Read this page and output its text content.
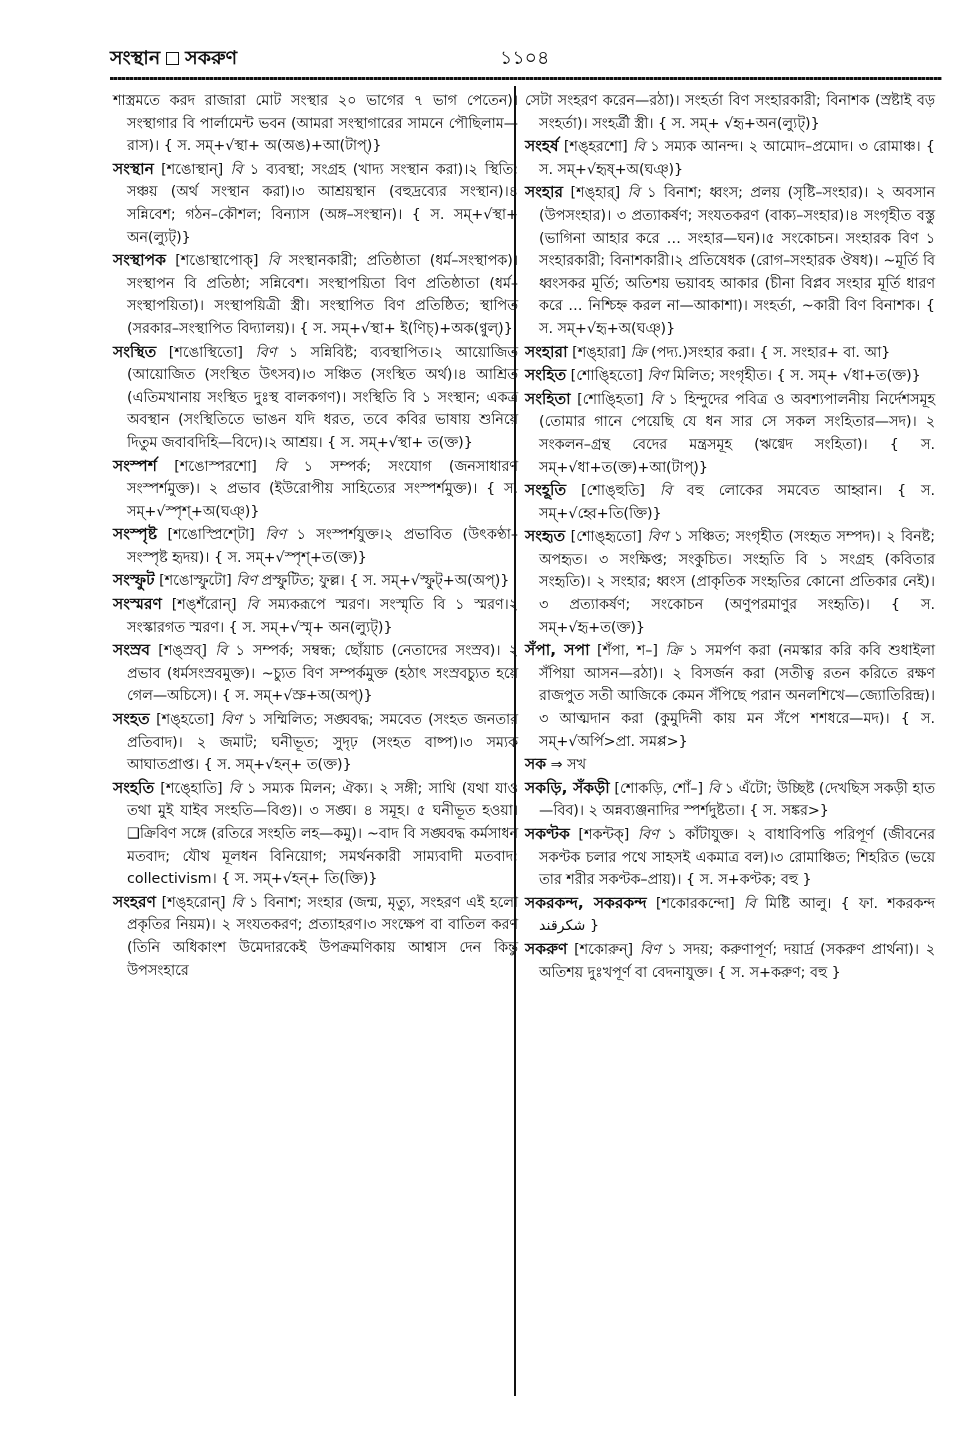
সংস্থান সকরুণ	১১০৪

শাস্ত্রমতে করদ রাজারা মোট সংস্থার ২০ ভাগের ৭ ভাগ পেতেন)। সংস্থাগার বি পার্লামেন্ট ভবন (আমরা সংস্থাগারের সামনে পৌছিলাম—রাস)। { স. সম্+√স্থা+ অ(অঙ)+আ(টাপ্)}

সংস্থান [শঙোস্থান্] বি ১ ব্যবস্থা; সংগ্রহ (খাদ্য সংস্থান করা)।২ স্থিতি; সঞ্চয় (অর্থ সংস্থান করা)।৩ আশ্রয়স্থান (বহুদ্রব্যের সংস্থান)।৪ সন্নিবেশ; গঠন–কৌশল; বিন্যাস (অঙ্গ–সংস্থান)। { স. সম্+√স্থা+ অন(ল্যুট্)}

সংস্থাপক [শঙোস্থাপোক্] বি সংস্থানকারী; প্রতিষ্ঠাতা (ধর্ম–সংস্থাপক)। সংস্থাপন বি প্রতিষ্ঠা; সন্নিবেশ। সংস্থাপয়িতা বিণ প্রতিষ্ঠাতা (ধর্ম–সংস্থাপয়িতা)। সংস্থাপয়িত্রী স্ত্রী। সংস্থাপিত বিণ প্রতিষ্ঠিত; স্থাপিত (সরকার–সংস্থাপিত বিদ্যালয়)। { স. সম্+√স্থা+ ই(ণিচ্)+অক(ণ্বুল্)}

সংস্থিত [শঙোস্থিতো] বিণ ১ সন্নিবিষ্ট; ব্যবস্থাপিত।২ আয়োজিত (আয়োজিত (সংস্থিত উৎসব)।৩ সঞ্চিত (সংস্থিত অর্থ)।৪ আশ্রিত (এতিমখানায় সংস্থিত দুঃস্থ বালকগণ)। সংস্থিতি বি ১ সংস্থান; একত্র অবস্থান (সংস্থিতিতে ভাঙন যদি ধরত, তবে কবির ভাষায় শুনিয়ে দিতুম জবাবদিহি—বিদে)।২ আশ্রয়। { স. সম্+√স্থা+ ত(ক্ত)}

সংস্পর্শ [শঙোস্পরশো] বি ১ সম্পর্ক; সংযোগ (জনসাধারণ সংস্পর্শমুক্ত)। ২ প্রভাব (ইউরোপীয় সাহিত্যের সংস্পর্শমুক্ত)। { স. সম্+√স্পৃশ্+অ(ঘঞ্)}

সংস্পৃষ্ট [শঙোস্প্রিশ্টো] বিণ ১ সংস্পর্শযুক্ত।২ প্রভাবিত (উৎকণ্ঠা–সংস্পৃষ্ট হৃদয়)। { স. সম্+√স্পৃশ্+ত(ক্ত)}

সংস্ফুট [শঙোস্ফুটো] বিণ প্রস্ফুটিত; ফুল্ল। { স. সম্+√স্ফুট্+অ(অপ্)}

সংস্মরণ [শঙ্শঁরোন্] বি সম্যকরূপে স্মরণ। সংস্মৃতি বি ১ স্মরণ।২ সংস্কারগত স্মরণ। { স. সম্+√স্মৃ+ অন(ল্যুট্)}

সংস্রব [শঙ্স্রব্] বি ১ সম্পর্ক; সম্বন্ধ; ছোঁয়াচ (নেতাদের সংস্রব)। ২ প্রভাব (ধর্মসংস্রবমুক্ত)। ~চ্যুত বিণ সম্পর্কমুক্ত (হঠাৎ সংস্রবচ্যুত হয়ে গেল—অচিসে)। { স. সম্+√স্রু+অ(অপ্)}

সংহত [শঙ্হতো] বিণ ১ সম্মিলিত; সঙ্ঘবদ্ধ; সমবেত (সংহত জনতার প্রতিবাদ)। ২ জমাট; ঘনীভূত; সুদৃঢ় (সংহত বাষ্প)।৩ সম্যক আঘাতপ্রাপ্ত। { স. সম্+√হন্+ ত(ক্ত)}

সংহতি [শঙ্হোতি] বি ১ সম্যক মিলন; ঐক্য। ২ সঙ্গী; সাথি (যথা যাও তথা মুই যাইব সংহতি—বিগু)। ৩ সঙ্ঘ। ৪ সমূহ। ৫ ঘনীভূত হওয়া। ❑ক্রিবিণ সঙ্গে (রতিরে সংহতি লহ—কমু)। ~বাদ বি সঙ্ঘবদ্ধ কর্মসাধন মতবাদ; যৌথ মূলধন বিনিয়োগ; সমর্থনকারী সাম্যবাদী মতবাদ; collectivism। { স. সম্+√হন্+ তি(ক্তি)}

সংহরণ [শঙ্হরোন্] বি ১ বিনাশ; সংহার (জন্ম, মৃত্যু, সংহরণ এই হলো প্রকৃতির নিয়ম)। ২ সংযতকরণ; প্রত্যাহরণ।৩ সংক্ষেপ বা বাতিল করণ (তিনি অধিকাংশ উমেদারকেই উপক্রমণিকায় আশ্বাস দেন কিন্তু উপসংহারে

সেটা সংহরণ করেন—রঠা)। সংহর্তা বিণ সংহারকারী; বিনাশক (স্রষ্টাই বড় সংহর্তা)। সংহর্ত্রী স্ত্রী। { স. সম্+ √হৃ+অন(ল্যুট্)}

সংহর্ষ [শঙ্হরশো] বি ১ সম্যক আনন্দ। ২ আমোদ–প্রমোদ। ৩ রোমাঞ্চ। { স. সম্+√হৃষ্+অ(ঘঞ্)}

সংহার [শঙ্হার্] বি ১ বিনাশ; ধ্বংস; প্রলয় (সৃষ্টি–সংহার)। ২ অবসান (উপসংহার)। ৩ প্রত্যাকর্ষণ; সংযতকরণ (বাক্য–সংহার)।৪ সংগৃহীত বস্তু (ভাগিনা আহার করে … সংহার—ঘন)।৫ সংকোচন। সংহারক বিণ ১ সংহারকারী; বিনাশকারী।২ প্রতিষেধক (রোগ–সংহারক ঔষধ)। ~মূর্তি বি ধ্বংসকর মূর্তি; অতিশয় ভয়াবহ আকার (চীনা বিপ্লব সংহার মূর্তি ধারণ করে … নিশ্চিহ্ন করল না—আকাশা)। সংহর্তা, ~কারী বিণ বিনাশক। { স. সম্+√হৃ+অ(ঘঞ্)}

সংহারা [শঙ্হারা] ক্রি (পদ্য.)সংহার করা। { স. সংহার+ বা. আ}

সংহিত [শোঙ্হিতো] বিণ মিলিত; সংগৃহীত। { স. সম্+ √ধা+ত(ক্ত)}

সংহিতা [শোঙ্হিতা] বি ১ হিন্দুদের পবিত্র ও অবশ্যপালনীয় নির্দেশসমূহ (তোমার গানে পেয়েছি যে ধন সার সে সকল সংহিতার—সদ)। ২ সংকলন–গ্রন্থ বেদের মন্ত্রসমূহ (ঋগ্বেদ সংহিতা)। { স. সম্+√ধা+ত(ক্ত)+আ(টাপ্)}

সংহূতি [শোঙ্হুতি] বি বহু লোকের সমবেত আহ্বান। { স. সম্+√হ্বে+তি(ক্তি)}

সংহৃত [শোঙ্হৃতো] বিণ ১ সঞ্চিত; সংগৃহীত (সংহৃত সম্পদ)। ২ বিনষ্ট; অপহৃত। ৩ সংক্ষিপ্ত; সংকুচিত। সংহৃতি বি ১ সংগ্রহ (কবিতার সংহৃতি)। ২ সংহার; ধ্বংস (প্রাকৃতিক সংহৃতির কোনো প্রতিকার নেই)। ৩ প্রত্যাকর্ষণ; সংকোচন (অণুপরমাণুর সংহৃতি)। { স. সম্+√হৃ+ত(ক্ত)}

সঁপা, সপা [শঁপা, শ–] ক্রি ১ সমর্পণ করা (নমস্কার করি কবি শুধাইলা সঁপিয়া আসন—রঠা)। ২ বিসর্জন করা (সতীত্ব রতন করিতে রক্ষণ রাজপুত সতী আজিকে কেমন সঁপিছে পরান অনলশিখে—জ্যোতিরিন্দ্র)। ৩ আত্মদান করা (কুমুদিনী কায় মন সঁপে শশধরে—মদ)। { স. সম্+√অর্পি>প্রা. সমপ্প>}

সক ⇒ সখ

সকড়ি, সঁকড়ী [শোকড়ি, শোঁ–] বি ১ এঁটো; উচ্ছিষ্ট (দেখছিস সকড়ী হাত—বিব)। ২ অন্নব্যঞ্জনাদির স্পর্শদুষ্টতা। { স. সঙ্কর>}

সকণ্টক [শকন্টক্] বিণ ১ কাঁটাযুক্ত। ২ বাধাবিপত্তি পরিপূর্ণ (জীবনের সকণ্টক চলার পথে সাহসই একমাত্র বল)।৩ রোমাঞ্চিত; শিহরিত (ভয়ে তার শরীর সকণ্টক–প্রায়)। { স. স+কণ্টক; বহু }

সকরকন্দ, সকরকন্দ [শকোরকন্দো] বি মিষ্টি আলু। { ফা. শকরকন্দ شکرقند }

সকরুণ [শকোরুন্] বিণ ১ সদয়; করুণাপূর্ণ; দয়ার্দ্র (সকরুণ প্রার্থনা)। ২ অতিশয় দুঃখপূর্ণ বা বেদনাযুক্ত। { স. স+করুণ; বহু }
